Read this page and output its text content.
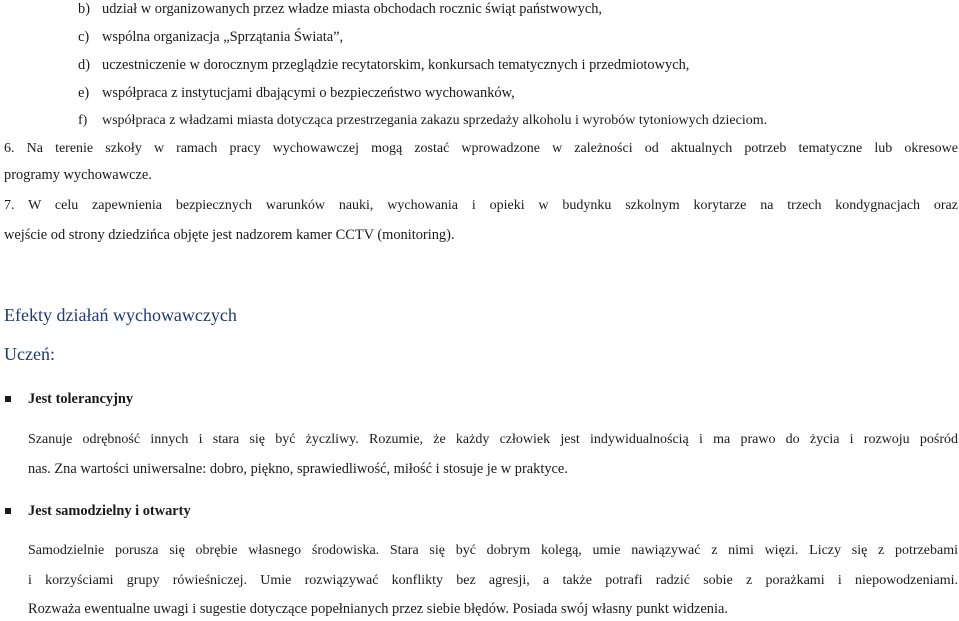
b) udział w organizowanych przez władze miasta obchodach rocznic świąt państwowych,
c) wspólna organizacja „Sprzątania Świata”,
d) uczestniczenie w dorocznym przeglądzie recytatorskim, konkursach tematycznych i przedmiotowych,
e) współpraca z instytucjami dbającymi o bezpieczeństwo wychowanków,
f) współpraca z władzami miasta dotycząca przestrzegania zakazu sprzedaży alkoholu i wyrobów tytoniowych dzieciom.
6. Na terenie szkoły w ramach pracy wychowawczej mogą zostać wprowadzone w zależności od aktualnych potrzeb tematyczne lub okresowe
programy wychowawcze.
7. W celu zapewnienia bezpiecznych warunków nauki, wychowania i opieki w budynku szkolnym korytarze na trzech kondygnacjach oraz
wejście od strony dziedzińca objęte jest nadzorem kamer CCTV (monitoring).
Efekty działań wychowawczych
Uczeń:
Jest tolerancyjny
Szanuje odrębność innych i stara się być życzliwy. Rozumie, że każdy człowiek jest indywidualnością i ma prawo do życia i rozwoju pośród
nas. Zna wartości uniwersalne: dobro, piękno, sprawiedliwość, miłość i stosuje je w praktyce.
Jest samodzielny i otwarty
Samodzielnie porusza się obrębie własnego środowiska. Stara się być dobrym kolegą, umie nawiązywać z nimi więzi. Liczy się z potrzebami
i korzyściami grupy rówieśniczej. Umie rozwiązywać konflikty bez agresji, a także potrafi radzić sobie z porażkami i niepowodzeniami.
Rozważa ewentualne uwagi i sugestie dotyczące popełnianych przez siebie błędów. Posiada swój własny punkt widzenia.
